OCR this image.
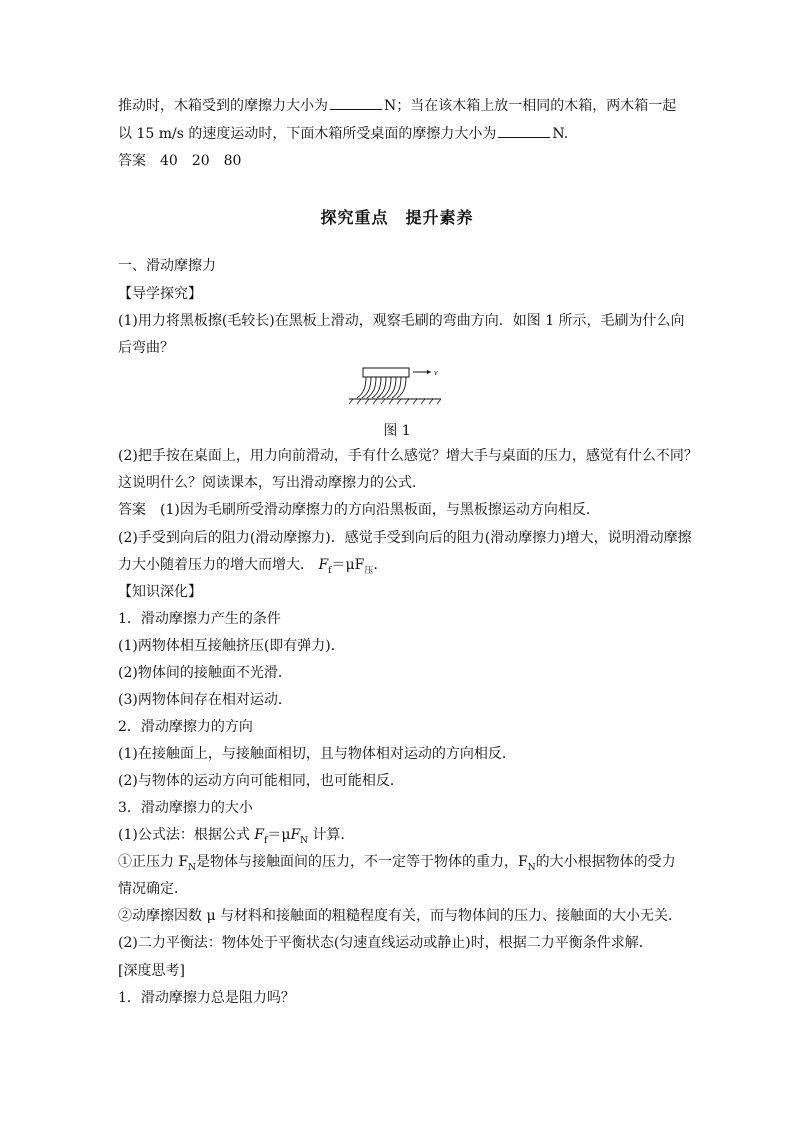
推动时，木箱受到的摩擦力大小为	N；当在该木箱上放一相同的木箱，两木箱一起
以 15 m/s 的速度运动时，下面木箱所受桌面的摩擦力大小为	N.
答案　 40　20　80
探究重点　提升素养
一、滑动摩擦力
【导学探究】
(1)用力将黑板擦(毛较长)在黑板上滑动，观察毛刷的弯曲方向．如图 1 所示，毛刷为什么向
后弯曲？
v
图 1
(2)把手按在桌面上，用力向前滑动，手有什么感觉？增大手与桌面的压力，感觉有什么不同？
这说明什么？阅读课本，写出滑动摩擦力的公式．
答案　 (1)因为毛刷所受滑动摩擦力的方向沿黑板面，与黑板擦运动方向相反．
(2)手受到向后的阻力(滑动摩擦力)．感觉手受到向后的阻力(滑动摩擦力)增大，说明滑动摩擦
力大小随着压力的增大而增大． $F_f=\mu F_压$.
【知识深化】
1．滑动摩擦力产生的条件
(1)两物体相互接触挤压(即有弹力)．
(2)物体间的接触面不光滑．
(3)两物体间存在相对运动．
2．滑动摩擦力的方向
(1)在接触面上，与接触面相切，且与物体相对运动的方向相反．
(2)与物体的运动方向可能相同，也可能相反．
3．滑动摩擦力的大小
(1)公式法：根据公式 $F_f=\mu F_N$ 计算．
①正压力 $F_N$是物体与接触面间的压力，不一定等于物体的重力，$F_N$的大小根据物体的受力
情况确定．
②动摩擦因数 μ 与材料和接触面的粗糙程度有关，而与物体间的压力、接触面的大小无关．
(2)二力平衡法：物体处于平衡状态(匀速直线运动或静止)时，根据二力平衡条件求解．
[深度思考]
1．滑动摩擦力总是阻力吗？
